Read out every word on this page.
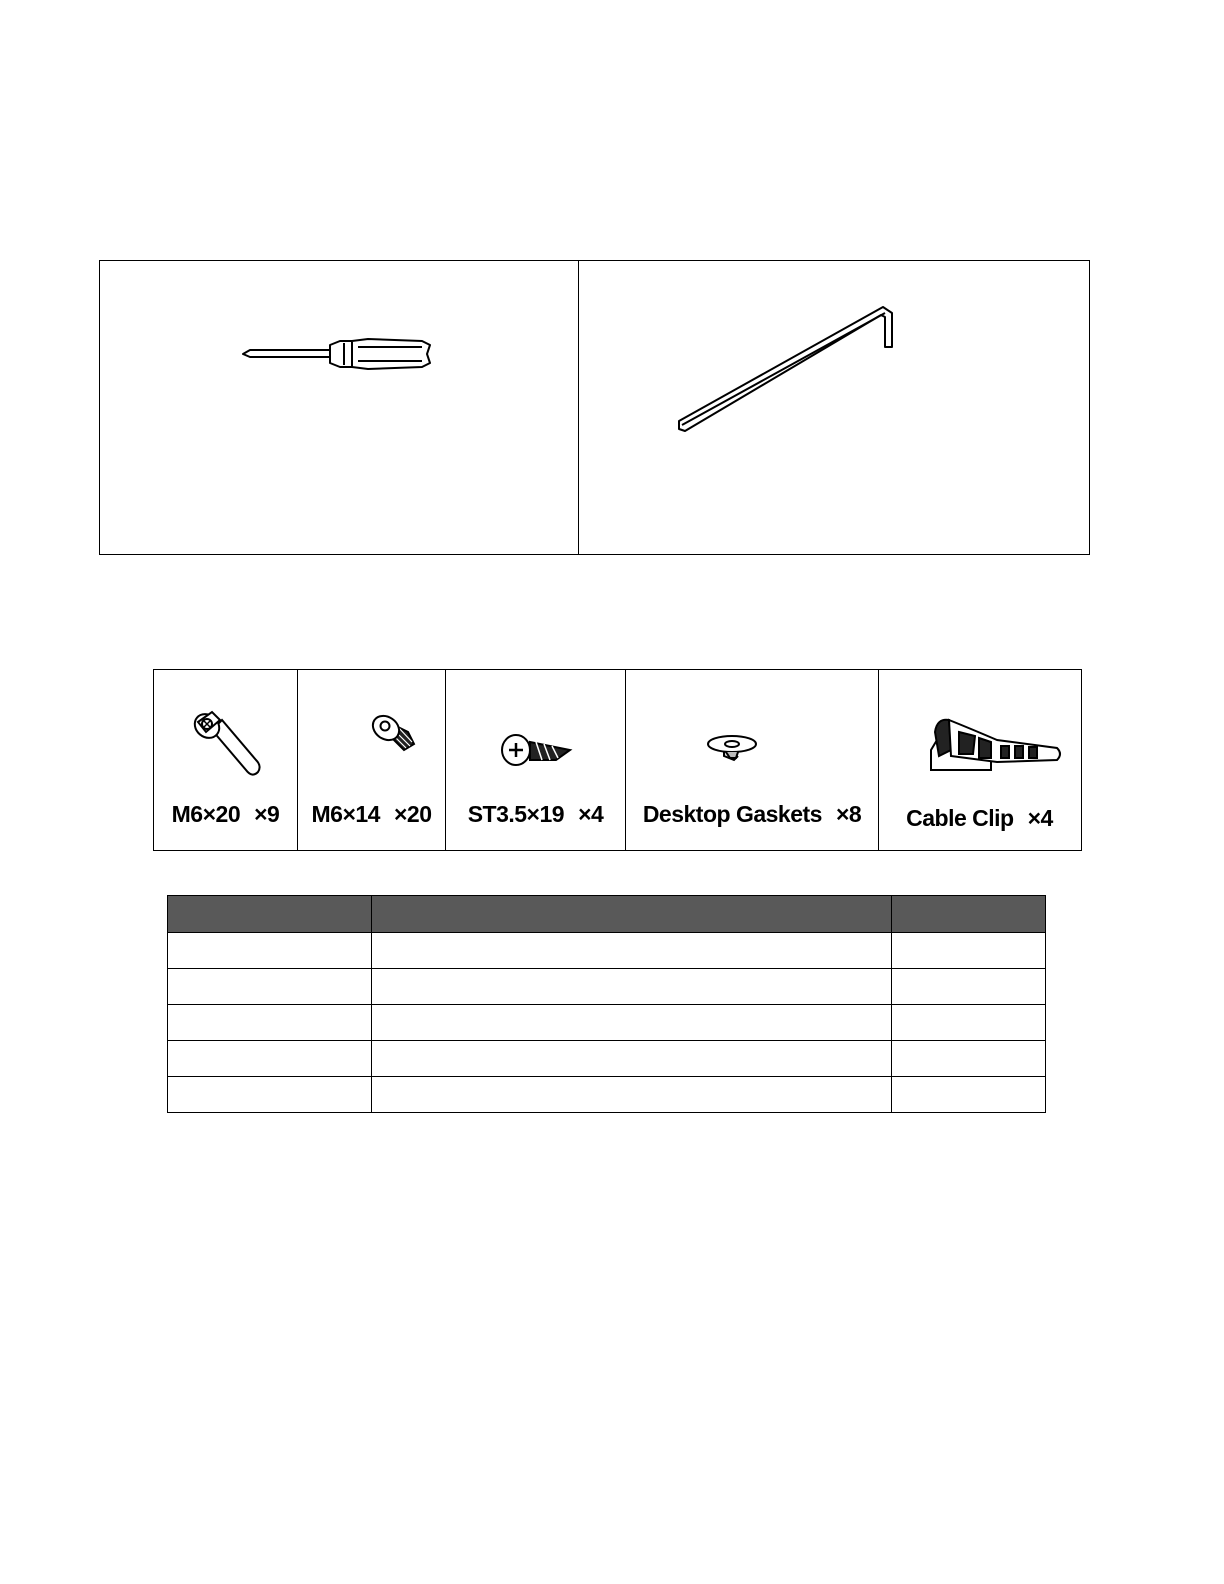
M6×20 ×9	M6×14 ×20	ST3.5×19 ×4	Desktop Gaskets ×8	Cable Clip ×4
